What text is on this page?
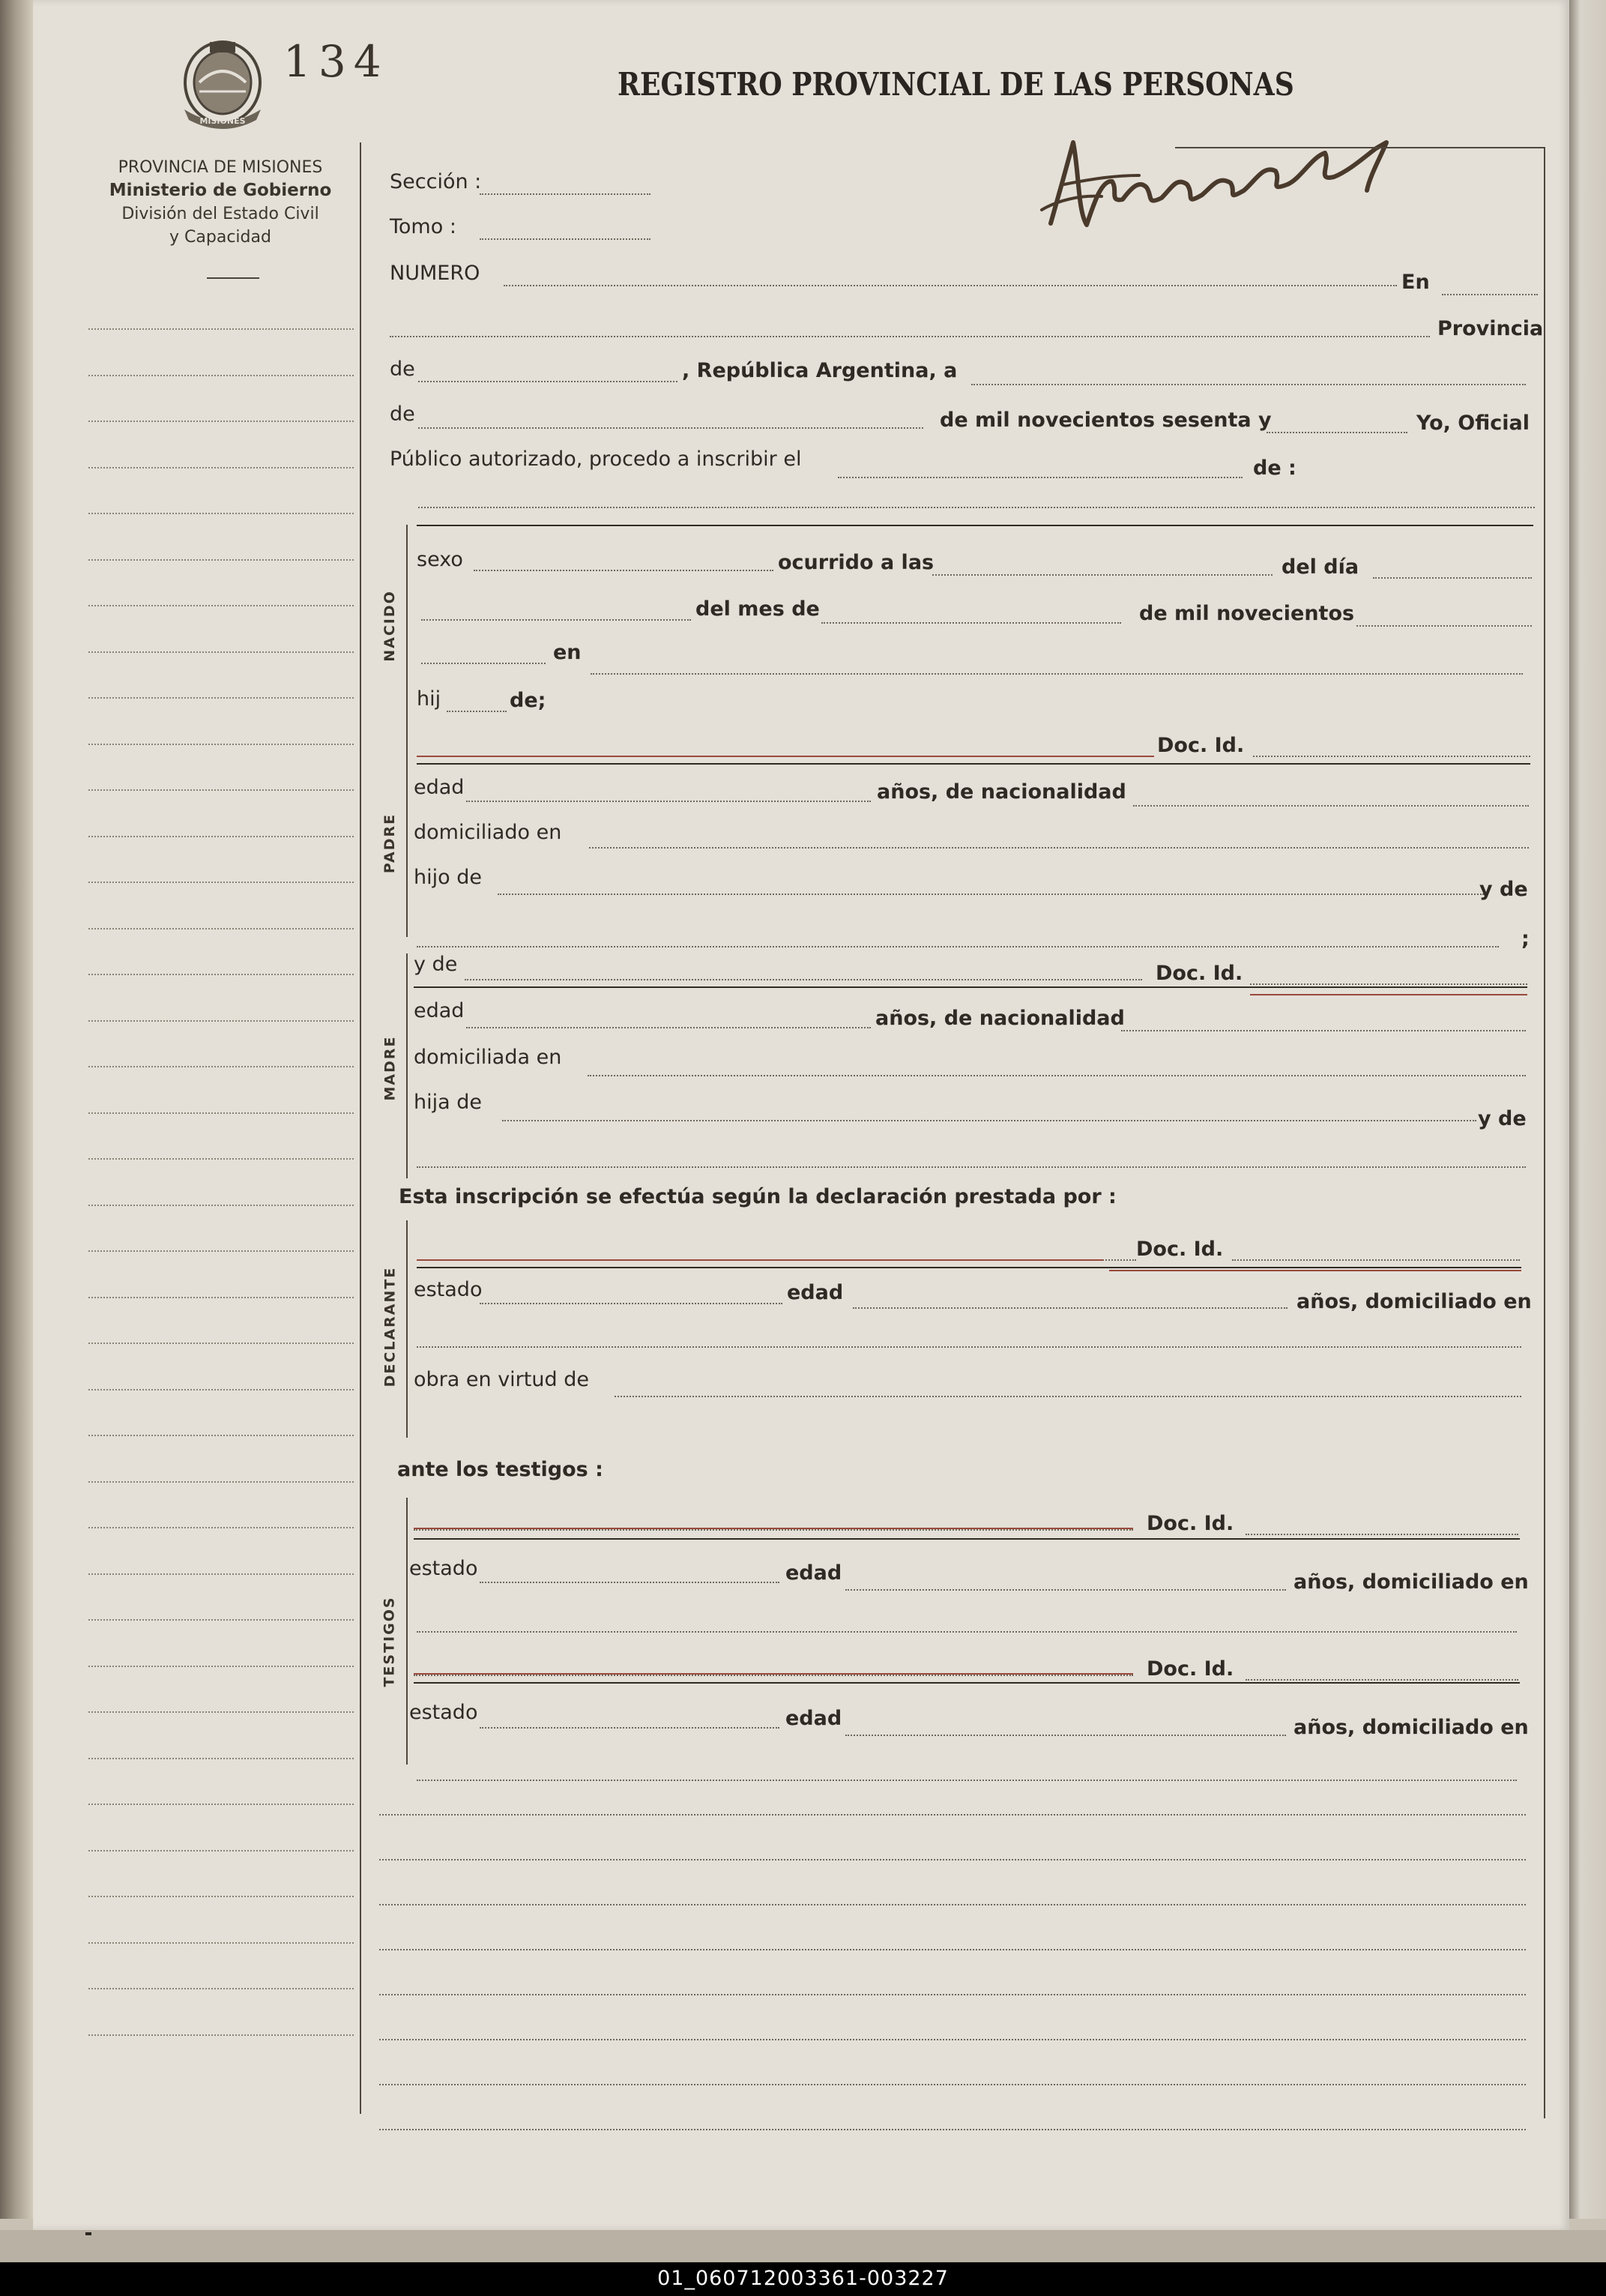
MISIONES
134
PROVINCIA DE MISIONES
Ministerio de Gobierno
División del Estado Civil
y Capacidad
REGISTRO PROVINCIAL DE LAS PERSONAS
Sección :
Tomo :
NUMERO	En
Provincia
de	, República Argentina, a
de	de mil novecientos sesenta y	Yo, Oficial
Público autorizado, procedo a inscribir el	de :
NACIDO
sexo	ocurrido a las	del día
del mes de	de mil novecientos
en
hij	de;
PADRE
Doc. Id.
edad	años, de nacionalidad
domiciliado en
hijo de
y de
;
MADRE
y de	Doc. Id.
edad	años, de nacionalidad
domiciliada en
hija de
y de
Esta inscripción se efectúa según la declaración prestada por :
DECLARANTE
Doc. Id.
estado	edad	años, domiciliado en
obra en virtud de
ante los testigos :
TESTIGOS
Doc. Id.
estado	edad	años, domiciliado en
Doc. Id.
estado	edad	años, domiciliado en
01_060712003361-003227
